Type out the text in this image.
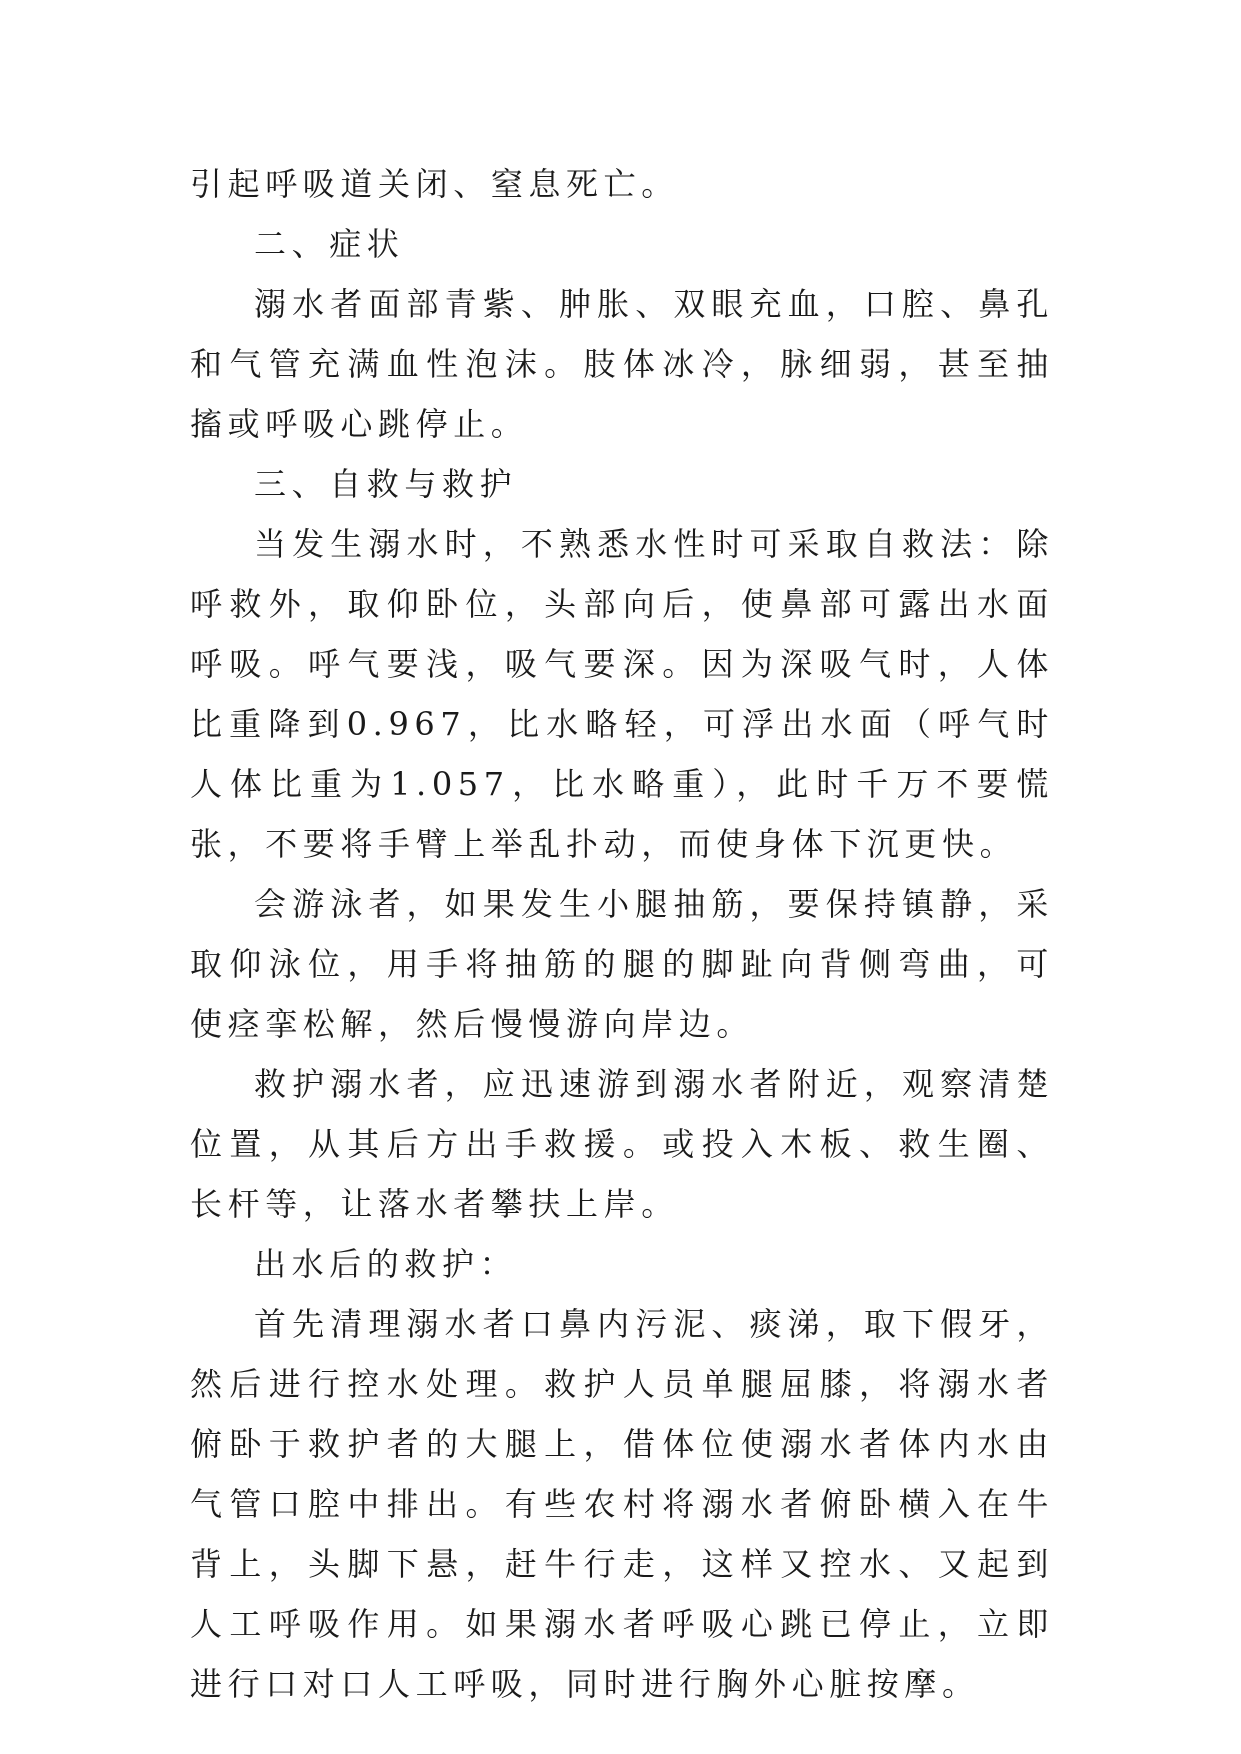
引起呼吸道关闭、窒息死亡。

二、症状

溺水者面部青紫、肿胀、双眼充血，口腔、鼻孔和气管充满血性泡沫。肢体冰冷，脉细弱，甚至抽搐或呼吸心跳停止。

三、自救与救护

当发生溺水时，不熟悉水性时可采取自救法：除呼救外，取仰卧位，头部向后，使鼻部可露出水面呼吸。呼气要浅，吸气要深。因为深吸气时，人体比重降到0.967，比水略轻，可浮出水面（呼气时人体比重为1.057，比水略重），此时千万不要慌张，不要将手臂上举乱扑动，而使身体下沉更快。

会游泳者，如果发生小腿抽筋，要保持镇静，采取仰泳位，用手将抽筋的腿的脚趾向背侧弯曲，可使痉挛松解，然后慢慢游向岸边。

救护溺水者，应迅速游到溺水者附近，观察清楚位置，从其后方出手救援。或投入木板、救生圈、长杆等，让落水者攀扶上岸。

出水后的救护：

首先清理溺水者口鼻内污泥、痰涕，取下假牙，然后进行控水处理。救护人员单腿屈膝，将溺水者俯卧于救护者的大腿上，借体位使溺水者体内水由气管口腔中排出。有些农村将溺水者俯卧横入在牛背上，头脚下悬，赶牛行走，这样又控水、又起到人工呼吸作用。如果溺水者呼吸心跳已停止，立即进行口对口人工呼吸，同时进行胸外心脏按摩。
